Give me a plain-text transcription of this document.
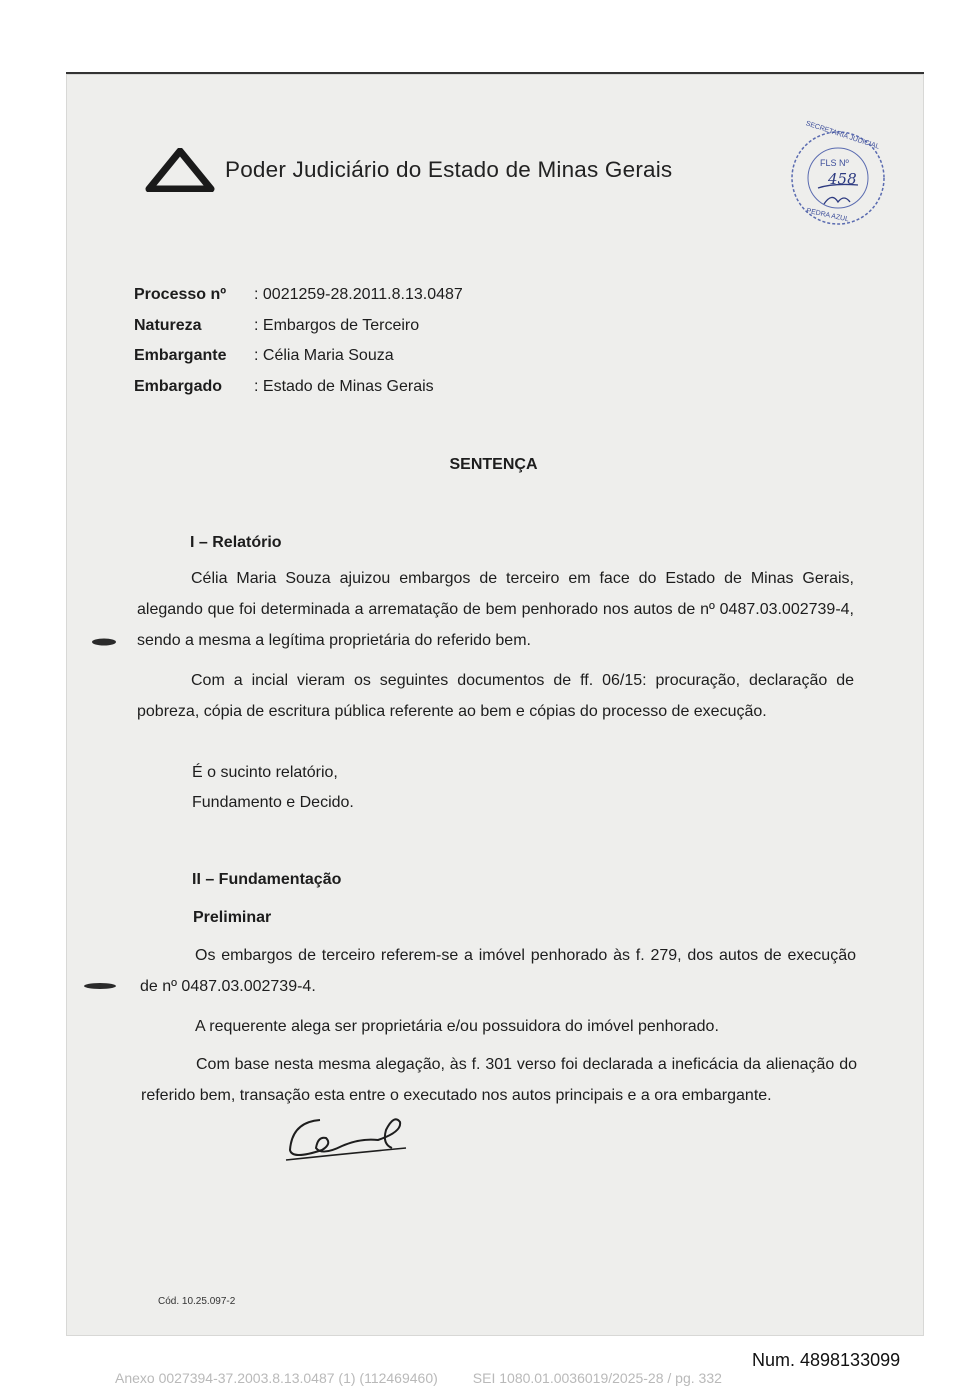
Poder Judiciário do Estado de Minas Gerais
SECRETARIA JUDICIAL
PEDRA AZUL
FLS Nº
458
Processo nº	: 0021259-28.2011.8.13.0487
Natureza	: Embargos de Terceiro
Embargante	: Célia Maria Souza
Embargado	: Estado de Minas Gerais
SENTENÇA
I – Relatório
Célia Maria Souza ajuizou embargos de terceiro em face do Estado de Minas Gerais, alegando que foi determinada a arrematação de bem penhorado nos autos de nº 0487.03.002739-4, sendo a mesma a legítima proprietária do referido bem.
Com a incial vieram os seguintes documentos de ff. 06/15: procuração, declaração de pobreza, cópia de escritura pública referente ao bem e cópias do processo de execução.
É o sucinto relatório,
Fundamento e Decido.
II – Fundamentação
Preliminar
Os embargos de terceiro referem-se a imóvel penhorado às f. 279, dos autos de execução de nº 0487.03.002739-4.
A requerente alega ser proprietária e/ou possuidora do imóvel penhorado.
Com base nesta mesma alegação, às f. 301 verso foi declarada a ineficácia da alienação do referido bem, transação esta entre o executado nos autos principais e a ora embargante.
Cód. 10.25.097-2
Num. 4898133099
Anexo 0027394-37.2003.8.13.0487 (1) (112469460)         SEI 1080.01.0036019/2025-28 / pg. 332
